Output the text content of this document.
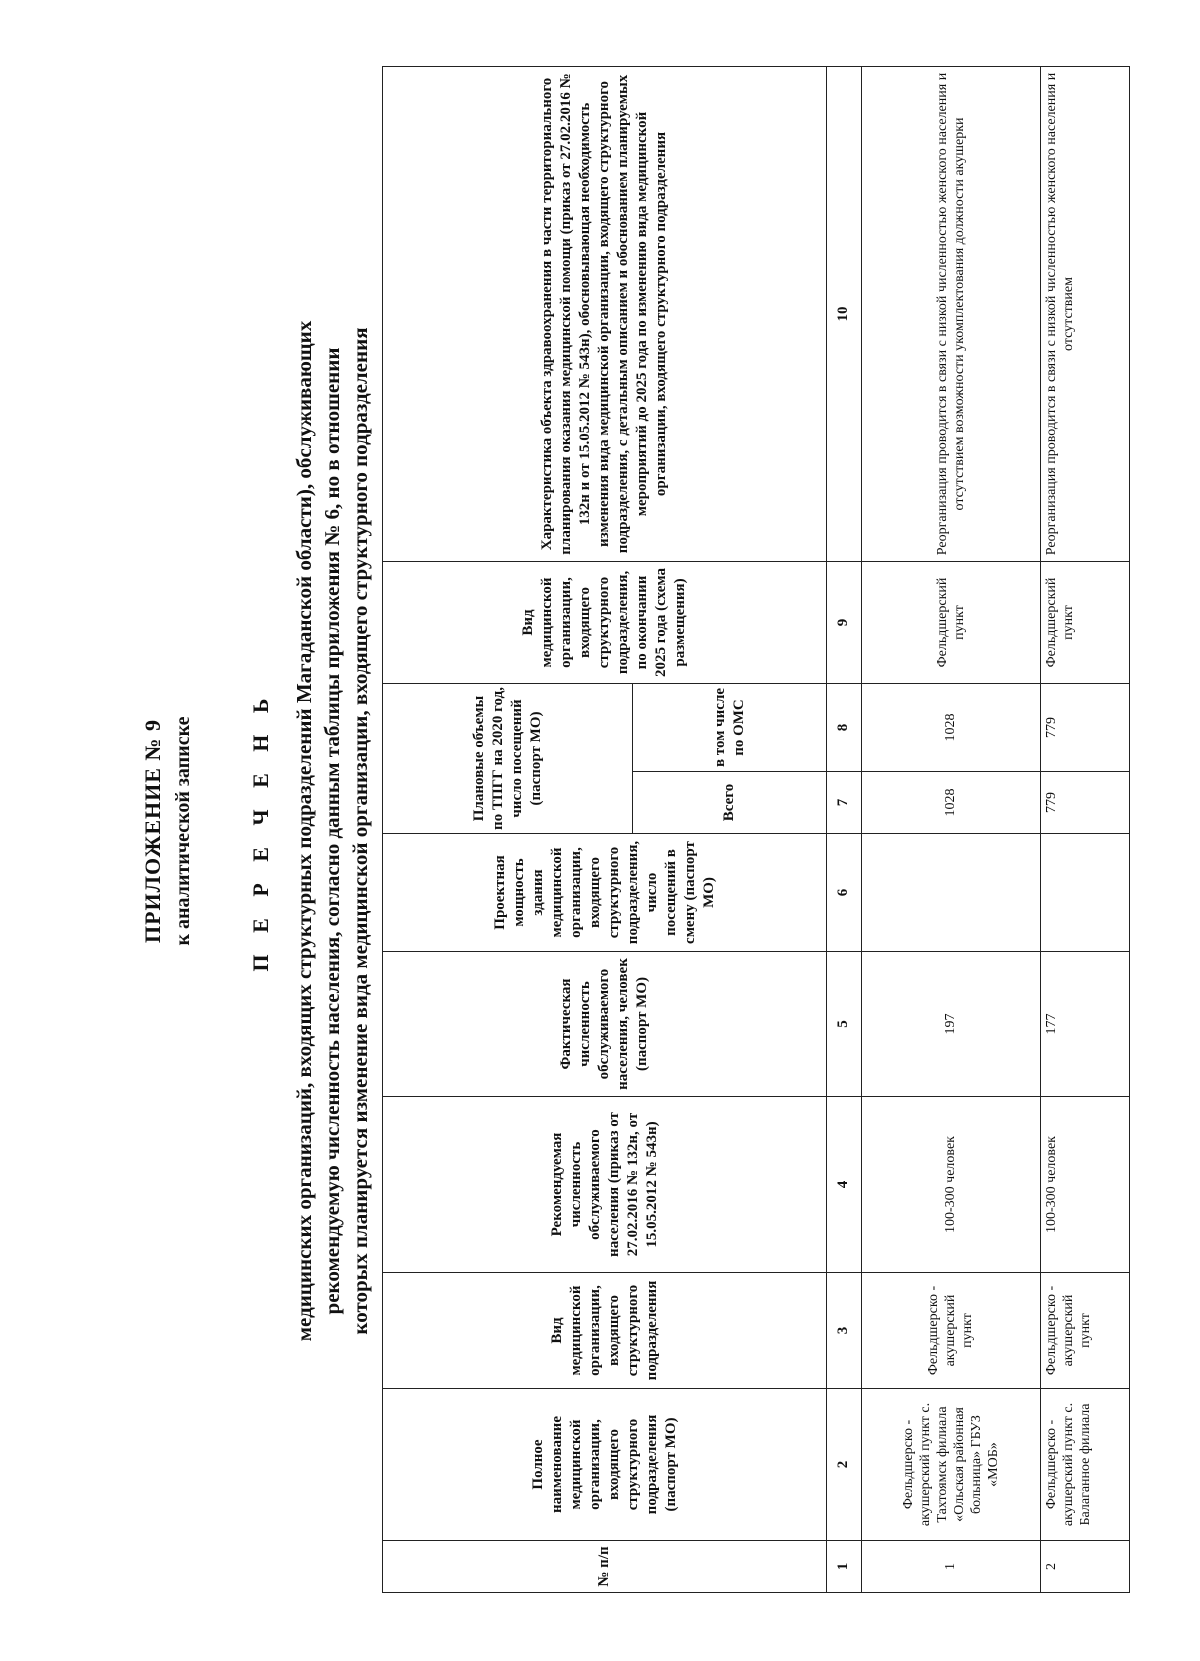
ПРИЛОЖЕНИЕ № 9 к аналитической записке П Е Р Е Ч Е Н Ь медицинских организаций, входящих структурных подразделений Магаданской области), обслуживающих рекомендуемую численность населения, согласно данным таблицы приложения № 6, но в отношении которых планируется изменение вида медицинской организации, входящего структурного подразделения
№ п/п	Полное наименование медицинской организации, входящего структурного подразделения (паспорт МО)	Вид медицинской организации, входящего структурного подразделения	Рекомендуемая численность обслуживаемого населения (приказ от 27.02.2016 № 132н, от 15.05.2012 № 543н)	Фактическая численность обслуживаемого населения, человек (паспорт МО)	Проектная мощность здания медицинской организации, входящего структурного подразделения, число посещений в смену (паспорт МО)	Плановые объемы по ТПГГ на 2020 год, число посещений (паспорт МО)		Вид медицинской организации, входящего структурного подразделения, по окончании 2025 года (схема размещения)	Характеристика объекта здравоохранения в части территориального планирования оказания медицинской помощи (приказ от 27.02.2016 № 132н и от 15.05.2012 № 543н), обосновывающая необходимость изменения вида медицинской организации, входящего структурного подразделения, с детальным описанием и обоснованием планируемых мероприятий до 2025 года по изменению вида медицинской организации, входящего структурного подразделения
						Всего	в том числе по ОМС		
1	2	3	4	5	6	7	8	9	10
1	Фельдшерско - акушерский пункт с. Тахтоямск филиала «Ольская районная больница» ГБУЗ «МОБ»	Фельдшерско - акушерский пункт	100-300 человек	197		1028	1028	Фельдшерский пункт	Реорганизация проводится в связи с низкой численностью женского населения и отсутствием возможности укомплектования должности акушерки
2	Фельдшерско - акушерский пункт с. Балаганное филиала	Фельдшерско - акушерский пункт	100-300 человек	177		779	779	Фельдшерский пункт	Реорганизация проводится в связи с низкой численностью женского населения и отсутствием
